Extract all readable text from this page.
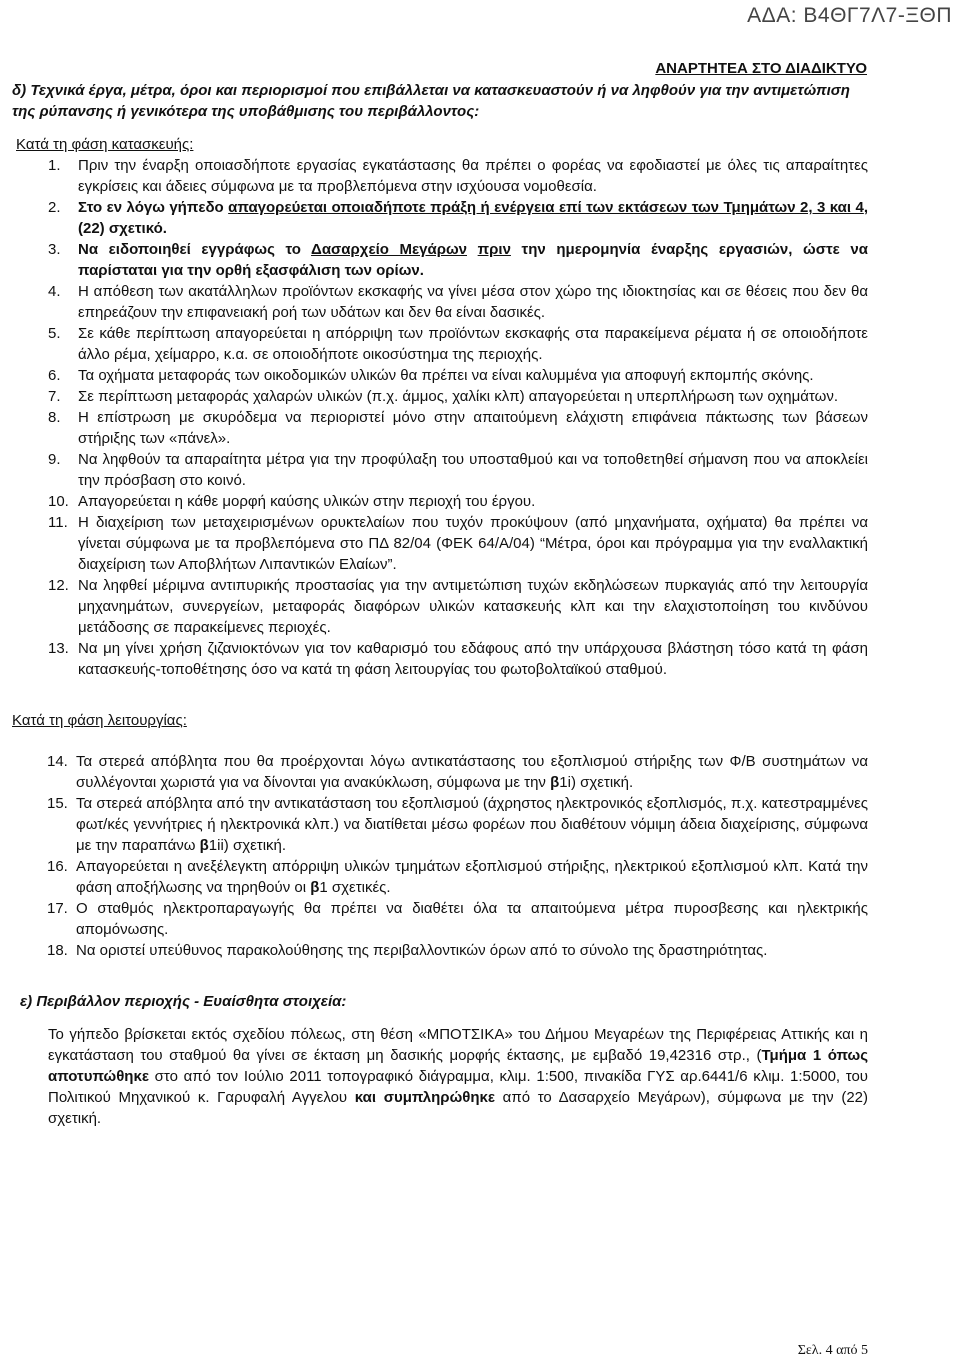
ΑΔΑ: Β4ΘΓ7Λ7-ΞΘΠ
ΑΝΑΡΤΗΤΕΑ ΣΤΟ ΔΙΑΔΙΚΤΥΟ

δ) Τεχνικά έργα, μέτρα, όροι και περιορισμοί που επιβάλλεται να κατασκευαστούν ή να ληφθούν για την αντιμετώπιση της ρύπανσης ή γενικότερα της υποβάθμισης του περιβάλλοντος:

Κατά τη φάση κατασκευής:

1. Πριν την έναρξη οποιασδήποτε εργασίας εγκατάστασης θα πρέπει ο φορέας να εφοδιαστεί με όλες τις απαραίτητες εγκρίσεις και άδειες σύμφωνα με τα προβλεπόμενα στην ισχύουσα νομοθεσία.
2. Στο εν λόγω γήπεδο απαγορεύεται οποιαδήποτε πράξη ή ενέργεια επί των εκτάσεων των Τμημάτων 2, 3 και 4, (22) σχετικό.
3. Να ειδοποιηθεί εγγράφως το Δασαρχείο Μεγάρων πριν την ημερομηνία έναρξης εργασιών, ώστε να παρίσταται για την ορθή εξασφάλιση των ορίων.
4. Η απόθεση των ακατάλληλων προϊόντων εκσκαφής να γίνει μέσα στον χώρο της ιδιοκτησίας και σε θέσεις που δεν θα επηρεάζουν την επιφανειακή ροή των υδάτων και δεν θα είναι δασικές.
5. Σε κάθε περίπτωση απαγορεύεται η απόρριψη των προϊόντων εκσκαφής στα παρακείμενα ρέματα ή σε οποιοδήποτε άλλο ρέμα, χείμαρρο, κ.α. σε οποιοδήποτε οικοσύστημα της περιοχής.
6. Τα οχήματα μεταφοράς των οικοδομικών υλικών θα πρέπει να είναι καλυμμένα για αποφυγή εκπομπής σκόνης.
7. Σε περίπτωση μεταφοράς χαλαρών υλικών (π.χ. άμμος, χαλίκι κλπ) απαγορεύεται η υπερπλήρωση των οχημάτων.
8. Η επίστρωση με σκυρόδεμα να περιοριστεί μόνο στην απαιτούμενη ελάχιστη επιφάνεια πάκτωσης των βάσεων στήριξης των «πάνελ».
9. Να ληφθούν τα απαραίτητα μέτρα για την προφύλαξη του υποσταθμού και να τοποθετηθεί σήμανση που να αποκλείει την πρόσβαση στο κοινό.
10. Απαγορεύεται η κάθε μορφή καύσης υλικών στην περιοχή του έργου.
11. Η διαχείριση των μεταχειρισμένων ορυκτελαίων που τυχόν προκύψουν (από μηχανήματα, οχήματα) θα πρέπει να γίνεται σύμφωνα με τα προβλεπόμενα στο ΠΔ 82/04 (ΦΕΚ 64/Α/04) “Μέτρα, όροι και πρόγραμμα για την εναλλακτική διαχείριση των Αποβλήτων Λιπαντικών Ελαίων”.
12. Να ληφθεί μέριμνα αντιπυρικής προστασίας για την αντιμετώπιση τυχών εκδηλώσεων πυρκαγιάς από την λειτουργία μηχανημάτων, συνεργείων, μεταφοράς διαφόρων υλικών κατασκευής κλπ και την ελαχιστοποίηση του κινδύνου μετάδοσης σε παρακείμενες περιοχές.
13. Να μη γίνει χρήση ζιζανιοκτόνων για τον καθαρισμό του εδάφους από την υπάρχουσα βλάστηση τόσο κατά τη φάση κατασκευής-τοποθέτησης όσο να κατά τη φάση λειτουργίας του φωτοβολταϊκού σταθμού.

Κατά τη φάση λειτουργίας:

14. Τα στερεά απόβλητα που θα προέρχονται λόγω αντικατάστασης του εξοπλισμού στήριξης των Φ/Β συστημάτων να συλλέγονται χωριστά για να δίνονται για ανακύκλωση, σύμφωνα με την β1i) σχετική.
15. Τα στερεά απόβλητα από την αντικατάσταση του εξοπλισμού (άχρηστος ηλεκτρονικός εξοπλισμός, π.χ. κατεστραμμένες φωτ/κές γεννήτριες ή ηλεκτρονικά κλπ.) να διατίθεται μέσω φορέων που διαθέτουν νόμιμη άδεια διαχείρισης, σύμφωνα με την παραπάνω β1ii) σχετική.
16. Απαγορεύεται η ανεξέλεγκτη απόρριψη υλικών τμημάτων εξοπλισμού στήριξης, ηλεκτρικού εξοπλισμού κλπ. Κατά την φάση αποξήλωσης να τηρηθούν οι β1 σχετικές.
17. Ο σταθμός ηλεκτροπαραγωγής θα πρέπει να διαθέτει όλα τα απαιτούμενα μέτρα πυροσβεσης και ηλεκτρικής απομόνωσης.
18. Να οριστεί υπεύθυνος παρακολούθησης της περιβαλλοντικών όρων από το σύνολο της δραστηριότητας.

ε) Περιβάλλον περιοχής - Ευαίσθητα στοιχεία:

Το γήπεδο βρίσκεται εκτός σχεδίου πόλεως, στη θέση «ΜΠΟΤΣΙΚΑ» του Δήμου Μεγαρέων της Περιφέρειας Αττικής και η εγκατάσταση του σταθμού θα γίνει σε έκταση μη δασικής μορφής έκτασης, με εμβαδό 19,42316 στρ., (Τμήμα 1 όπως αποτυπώθηκε στο από τον Ιούλιο 2011 τοπογραφικό διάγραμμα, κλιμ. 1:500, πινακίδα ΓΥΣ αρ.6441/6 κλιμ. 1:5000, του Πολιτικού Μηχανικού κ. Γαρυφαλή Αγγελου και συμπληρώθηκε από το Δασαρχείο Μεγάρων), σύμφωνα με την (22) σχετική.

Σελ. 4 από 5
